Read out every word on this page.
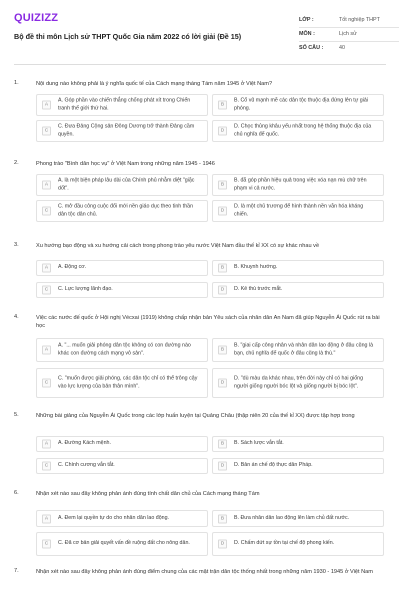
QUIZIZZ
Bộ đề thi môn Lịch sử THPT Quốc Gia năm 2022 có lời giải (Đề 15)
LỚP :	Tốt nghiệp THPT
MÔN :	Lịch sử
SỐ CÂU :	40
1.	Nội dung nào không phải là ý nghĩa quốc tế của Cách mạng tháng Tám năm 1945 ở Việt Nam?
A
A. Góp phần vào chiến thắng chống phát xít trong Chiến tranh thế giới thứ hai.	B
B. Cổ vũ mạnh mẽ các dân tộc thuộc địa đứng lên tự giải phóng.
C
C. Đưa Đảng Cộng sản Đông Dương trở thành Đảng cầm quyền.	D
D. Chọc thủng khâu yếu nhất trong hệ thống thuộc địa của chủ nghĩa đế quốc.
2.	Phong trào "Bình dân học vụ" ở Việt Nam trong những năm 1945 - 1946
A
A. là một biện pháp lâu dài của Chính phủ nhằm diệt "giặc dốt".	B
B. đã góp phần hiệu quả trong việc xóa nạn mù chữ trên phạm vi cả nước.
C
C. mở đầu công cuộc đổi mới nền giáo dục theo tinh thần dân tộc dân chủ.	D
D. là một chủ trương để hình thành nền văn hóa kháng chiến.
3.	Xu hướng bạo động và xu hướng cải cách trong phong trào yêu nước Việt Nam đầu thế kỉ XX có sự khác nhau về
A	A. Động cơ.	B	B. Khuynh hướng.
C	C. Lực lượng lãnh đạo.	D	D. Kẻ thù trước mắt.
4.	Việc các nước đế quốc ở Hội nghị Vécxai (1919) không chấp nhận bản Yêu sách của nhân dân An Nam đã giúp Nguyễn Ái Quốc rút ra bài học
A
A. "... muốn giải phóng dân tộc không có con đường nào khác con đường cách mạng vô sản".	B
B. "giai cấp công nhân và nhân dân lao động ở đâu cũng là bạn, chủ nghĩa đế quốc ở đâu cũng là thù."
C
C. "muốn được giải phóng, các dân tộc chỉ có thể trông cậy vào lực lượng của bản thân mình".	D
D. "dù màu da khác nhau, trên đời này chỉ có hai giống người giống người bóc lột và giống người bị bóc lột".
5.	Những bài giảng của Nguyễn Ái Quốc trong các lớp huấn luyện tại Quảng Châu (thập niên 20 của thế kỉ XX) được tập hợp trong
A	A. Đường Kách mệnh.	B	B. Sách lược vắn tắt.
C	C. Chính cương vắn tắt.	D	D. Bản án chế độ thực dân Pháp.
6.	Nhận xét nào sau đây không phản ánh đúng tính chất dân chủ của Cách mạng tháng Tám
A	A. Đem lại quyền tự do cho nhân dân lao động.	B	B. Đưa nhân dân lao động lên làm chủ đất nước.
C	C. Đã cơ bản giải quyết vấn đề ruộng đất cho nông dân.	D	D. Chấm dứt sự tồn tại chế độ phong kiến.
7.	Nhận xét nào sau đây không phản ánh đúng điểm chung của các mặt trận dân tộc thống nhất trong những năm 1930 - 1945 ở Việt Nam
